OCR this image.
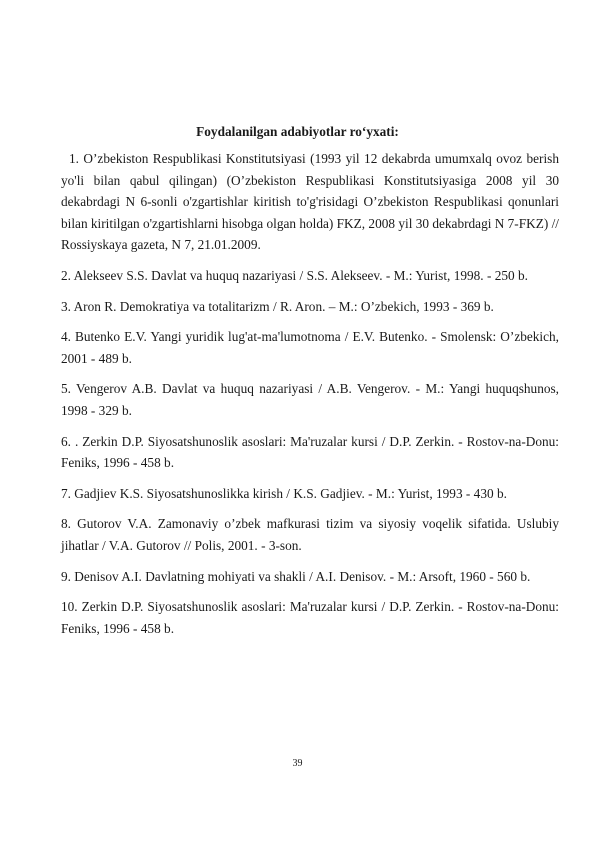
Foydalanilgan adabiyotlar ro‘yxati:

1. O’zbekiston Respublikasi Konstitutsiyasi (1993 yil 12 dekabrda umumxalq ovoz berish yo'li bilan qabul qilingan) (O’zbekiston Respublikasi Konstitutsiyasiga 2008 yil 30 dekabrdagi N 6-sonli o'zgartishlar kiritish to'g'risidagi O’zbekiston Respublikasi qonunlari bilan kiritilgan o'zgartishlarni hisobga olgan holda) FKZ, 2008 yil 30 dekabrdagi N 7-FKZ) // Rossiyskaya gazeta, N 7, 21.01.2009.

2. Alekseev S.S. Davlat va huquq nazariyasi / S.S. Alekseev. - M.: Yurist, 1998. - 250 b.

3. Aron R. Demokratiya va totalitarizm / R. Aron. – M.: O’zbekich, 1993 - 369 b.

4. Butenko E.V. Yangi yuridik lug'at-ma'lumotnoma / E.V. Butenko. - Smolensk: O’zbekich, 2001 - 489 b.

5. Vengerov A.B. Davlat va huquq nazariyasi / A.B. Vengerov. - M.: Yangi huquqshunos, 1998 - 329 b.

6. . Zerkin D.P. Siyosatshunoslik asoslari: Ma'ruzalar kursi / D.P. Zerkin. - Rostov-na-Donu: Feniks, 1996 - 458 b.

7. Gadjiev K.S. Siyosatshunoslikka kirish / K.S. Gadjiev. - M.: Yurist, 1993 - 430 b.

8. Gutorov V.A. Zamonaviy o’zbek mafkurasi tizim va siyosiy voqelik sifatida. Uslubiy jihatlar / V.A. Gutorov // Polis, 2001. - 3-son.

9. Denisov A.I. Davlatning mohiyati va shakli / A.I. Denisov. - M.: Arsoft, 1960 - 560 b.

10. Zerkin D.P. Siyosatshunoslik asoslari: Ma'ruzalar kursi / D.P. Zerkin. - Rostov-na-Donu: Feniks, 1996 - 458 b.

39
